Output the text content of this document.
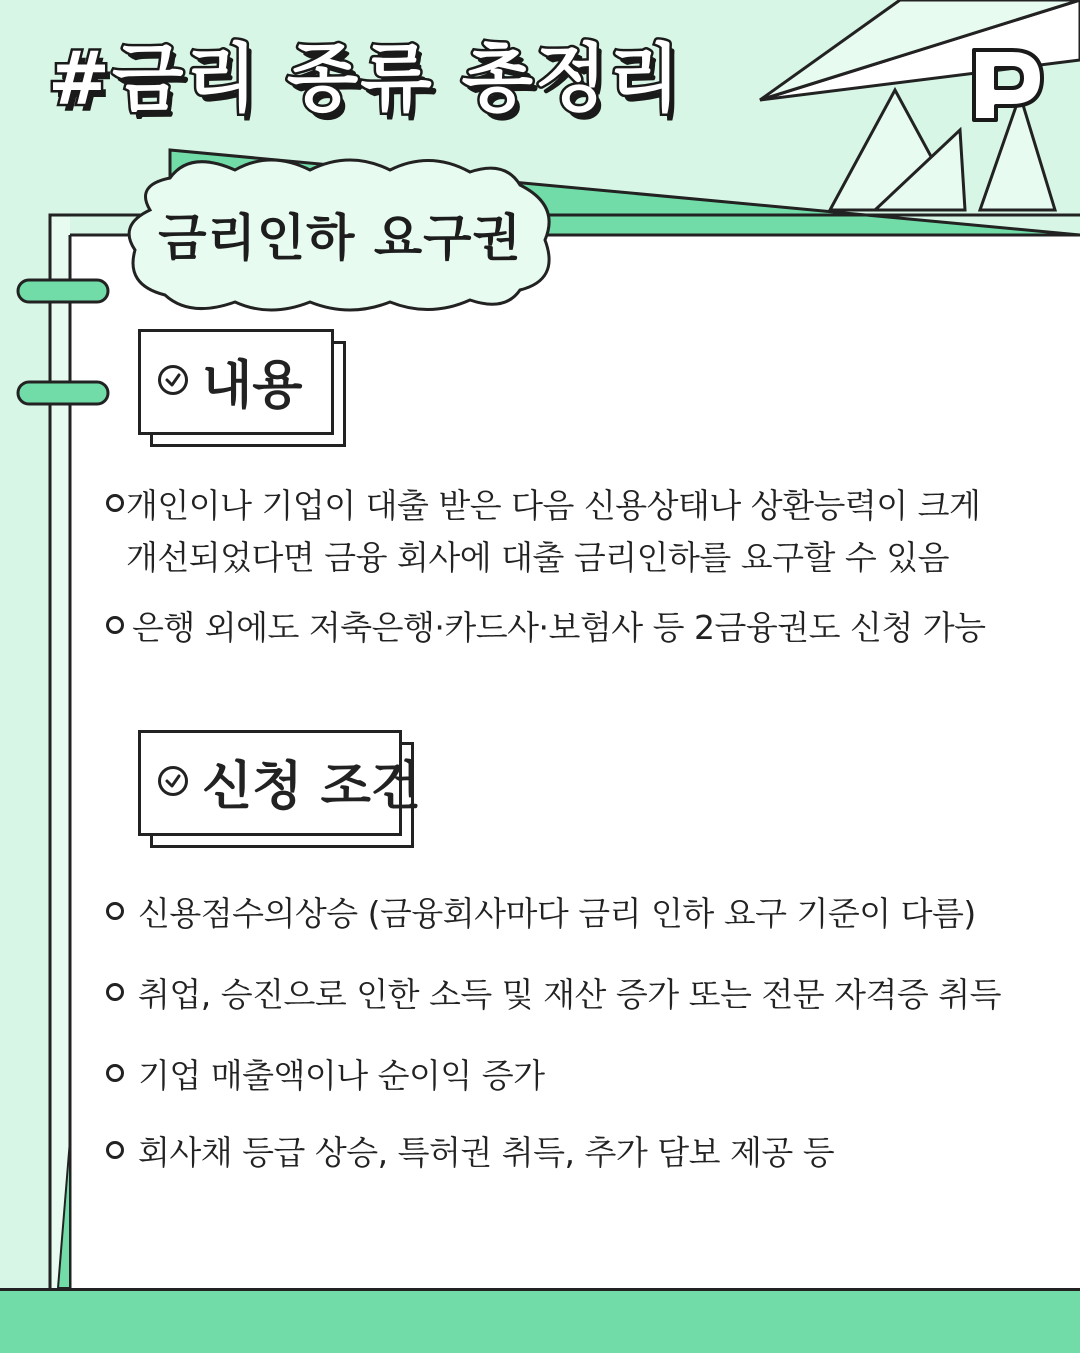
#금리 종류 총정리
금리인하 요구권
내용
개인이나 기업이 대출 받은 다음 신용상태나 상환능력이 크게
개선되었다면 금융 회사에 대출 금리인하를 요구할 수 있음
은행 외에도 저축은행·카드사·보험사 등 2금융권도 신청 가능
신청 조건
신용점수의상승 (금융회사마다 금리 인하 요구 기준이 다름)
취업, 승진으로 인한 소득 및 재산 증가 또는 전문 자격증 취득
기업 매출액이나 순이익 증가
회사채 등급 상승, 특허권 취득, 추가 담보 제공 등
